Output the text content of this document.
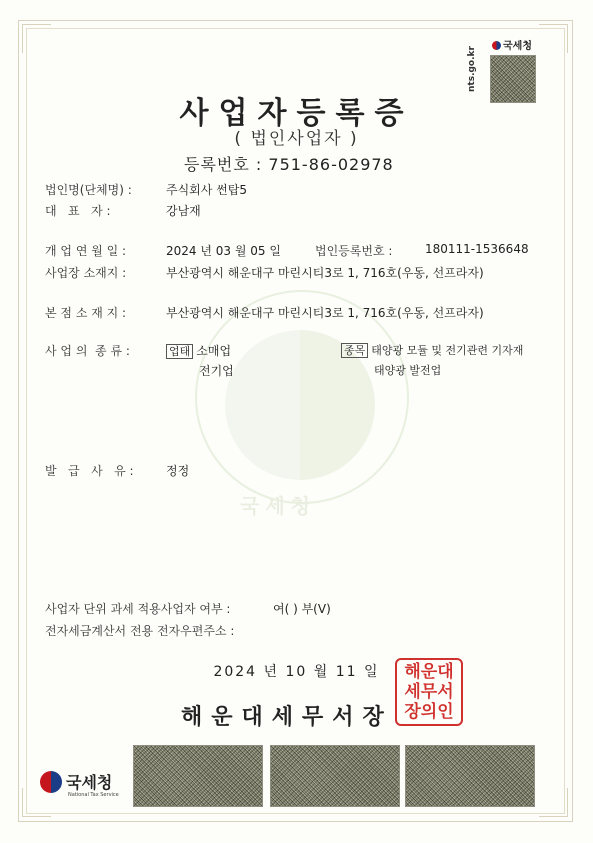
국세청
국세청
nts.go.kr
사업자등록증
( 법인사업자 )
등록번호 : 751-86-02978
법인명(단체명) :	주식회사 썬탑5
대   표   자 :	강남재
개 업 연 월 일 :	2024 년 03 월 05 일	법인등록번호 :	180111-1536648
사업장 소재지 :	부산광역시 해운대구 마린시티3로 1, 716호(우동, 선프라자)
본 점 소 재 지 :	부산광역시 해운대구 마린시티3로 1, 716호(우동, 선프라자)
사 업 의  종 류 :	업태 소매업
전기업
종목 태양광 모듈 및 전기관련 기자재
태양광 발전업
발   급   사   유 :	정정
사업자 단위 과세 적용사업자 여부 :	여( ) 부(V)
전자세금계산서 전용 전자우편주소 :
2024 년 10 월 11 일
해운대세무서장
해운대
세무서
장의인
국세청
National Tax Service
